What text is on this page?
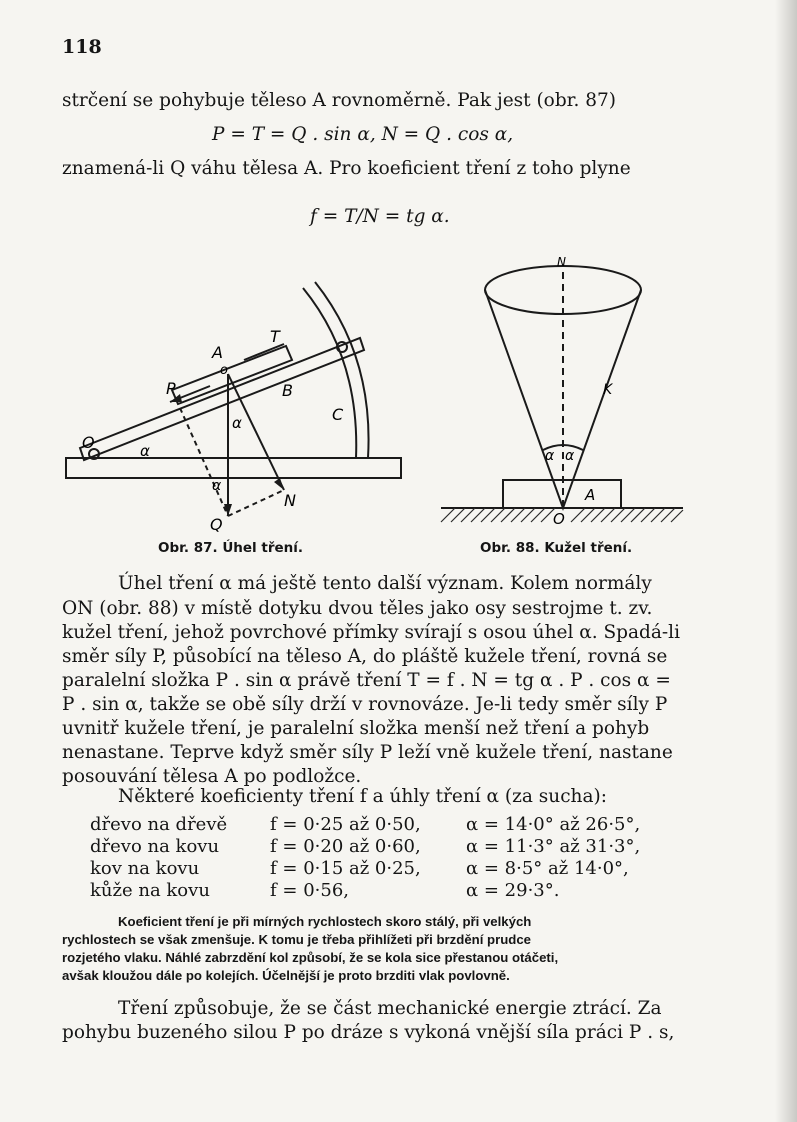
118
strčení se pohybuje těleso A rovnoměrně. Pak jest (obr. 87)
P = T = Q . sin α, N = Q . cos α,
znamená-li Q váhu tělesa A. Pro koeficient tření z toho plyne
f = T/N = tg α.
A
o
T
P	B
C
α
α
O
α
N
Q
Obr. 87. Úhel tření.
N
K
α α
A
O
Obr. 88. Kužel tření.
Úhel tření α má ještě tento další význam. Kolem normály
ON (obr. 88) v místě dotyku dvou těles jako osy sestrojme t. zv.
kužel tření, jehož povrchové přímky svírají s osou úhel α. Spadá-li
směr síly P, působící na těleso A, do pláště kužele tření, rovná se
paralelní složka P . sin α právě tření T = f . N = tg α . P . cos α =
P . sin α, takže se obě síly drží v rovnováze. Je-li tedy směr síly P
uvnitř kužele tření, je paralelní složka menší než tření a pohyb
nenastane. Teprve když směr síly P leží vně kužele tření, nastane
posouvání tělesa A po podložce.
Některé koeficienty tření f a úhly tření α (za sucha):
dřevo na dřevě f = 0·25 až 0·50,	α = 14·0° až 26·5°,
dřevo na kovu	f = 0·20 až 0·60,	α = 11·3° až 31·3°,
kov na kovu	f = 0·15 až 0·25,	α = 8·5° až 14·0°,
kůže na kovu	f = 0·56,	α = 29·3°.
Koeficient tření je při mírných rychlostech skoro stálý, při velkých
rychlostech se však zmenšuje. K tomu je třeba přihlížeti při brzdění prudce
rozjetého vlaku. Náhlé zabrzdění kol způsobí, že se kola sice přestanou otáčeti,
avšak kloužou dále po kolejích. Účelnější je proto brzditi vlak povlovně.
Tření způsobuje, že se část mechanické energie ztrácí. Za
pohybu buzeného silou P po dráze s vykoná vnější síla práci P . s,
